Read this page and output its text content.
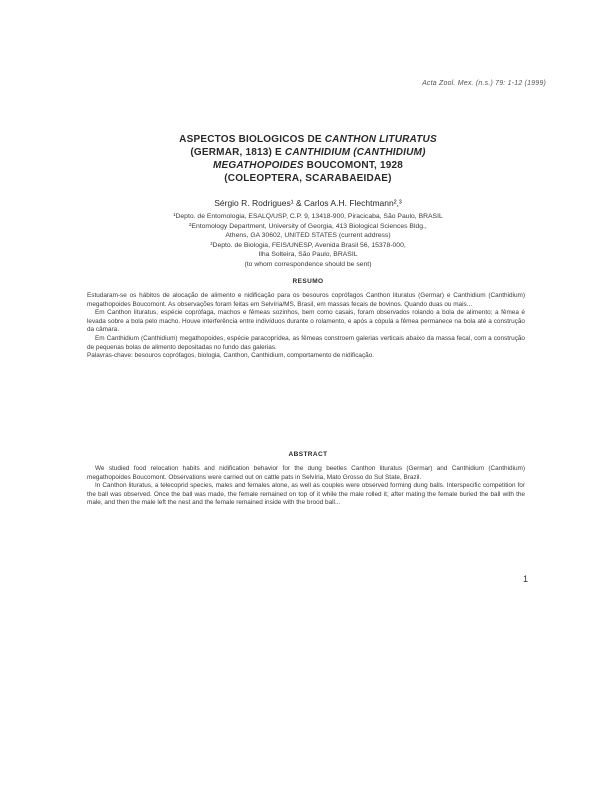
Acta Zool. Mex. (n.s.) 79: 1-12 (1999)
ASPECTOS BIOLOGICOS DE CANTHON LITURATUS
(GERMAR, 1813) E CANTHIDIUM (CANTHIDIUM)
MEGATHOPOIDES BOUCOMONT, 1928
(COLEOPTERA, SCARABAEIDAE)
Sérgio R. Rodrigues¹ & Carlos A.H. Flechtmann²,³
¹Depto. de Entomologia, ESALQ/USP, C.P. 9, 13418-900, Piracicaba, São Paulo, BRASIL
²Entomology Department, University of Georgia, 413 Biological Sciences Bldg.,
Athens, GA 30602, UNITED STATES (current address)
³Depto. de Biologia, FEIS/UNESP, Avenida Brasil 56, 15378-000,
Ilha Solteira, São Paulo, BRASIL
(to whom correspondence should be sent)
RESUMO

Estudaram-se os hábitos de alocação de alimento e nidificação para os besouros coprófagos Canthon lituratus (Germar) e Canthidium (Canthidium) megathopoides Boucomont. As observações foram feitas em Selvíria/MS, Brasil, em massas fecais de bovinos. Quando duas ou mais...

Em Canthon lituratus, espécie coprófaga, machos e fêmeas sozinhos, bem como casais, foram observados rolando a bola de alimento; a fêmea é levada sobre a bola pelo macho. Houve interferência entre indivíduos durante o rolamento, e após a cópula a fêmea permanece na bola até a construção da câmara.

Em Canthidium (Canthidium) megathopoides, espécie paracoprídea, as fêmeas constroem galerias verticais abaixo da massa fecal, com a construção de pequenas bolas de alimento depositadas no fundo das galerias.

Palavras-chave: besouros coprófagos, biologia, Canthon, Canthidium, comportamento de nidificação.

ABSTRACT

We studied food relocation habits and nidification behavior for the dung beetles Canthon lituratus (Germar) and Canthidium (Canthidium) megathopoides Boucomont. Observations were carried out on cattle pats in Selvíria, Mato Grosso do Sul State, Brazil.

In Canthon lituratus, a telecoprid species, males and females alone, as well as couples were observed forming dung balls. Interspecific competition for the ball was observed. Once the ball was made, the female remained on top of it while the male rolled it; after mating the female buried the ball with the male, and then the male left the nest and the female remained inside with the brood ball...

1
